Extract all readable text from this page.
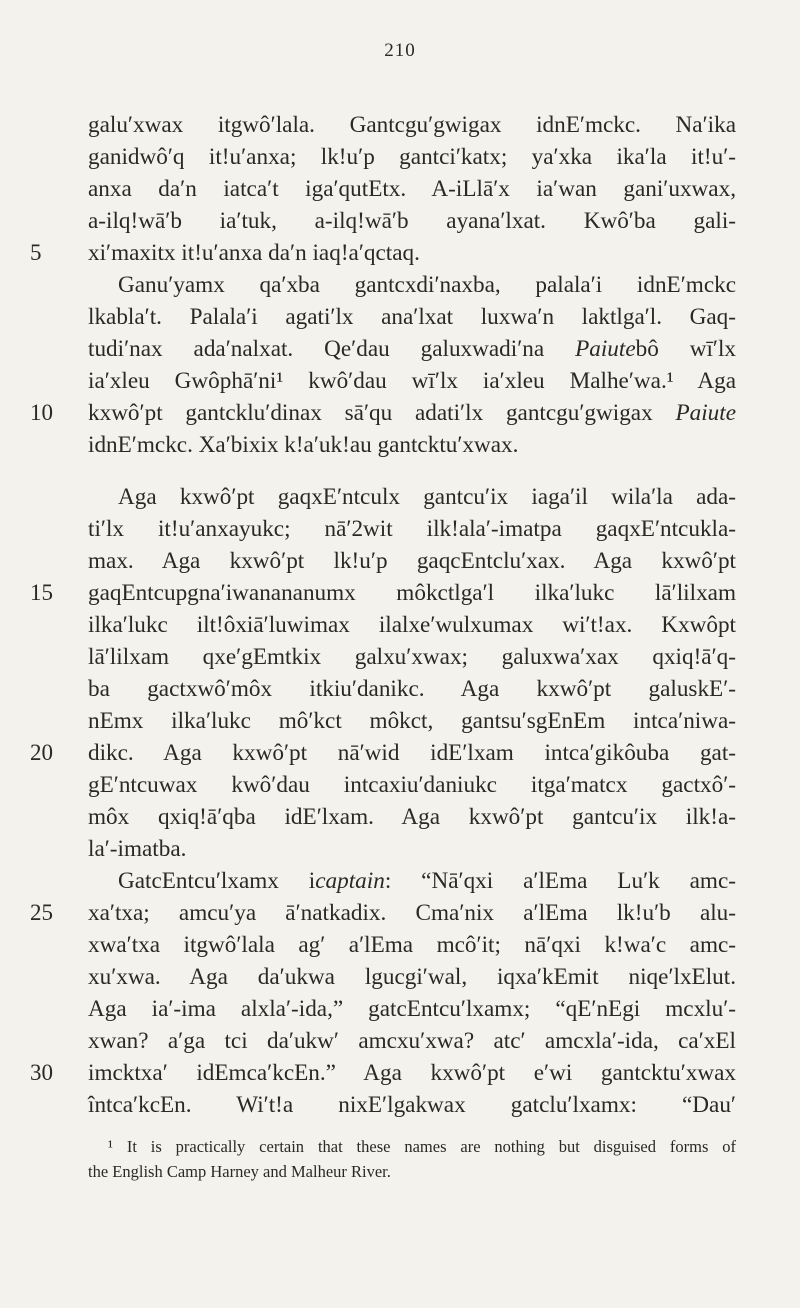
210
galu′xwax itgwô′lala. Gantcgu′gwigax idnE′mckc. Na′ika
ganidwô′q it!u′anxa; lk!u′p gantci′katx; ya′xka ika′la it!u′-
anxa da′n iatca′t iga′qutEtx. A-iLlā′x ia′wan gani′uxwax,
a-ilq!wā′b ia′tuk, a-ilq!wā′b ayana′lxat. Kwô′ba gali-
xi′maxitx it!u′anxa da′n iaq!a′qctaq.
Ganu′yamx qa′xba gantcxdi′naxba, palala′i idnE′mckc
lkabla′t. Palala′i agati′lx ana′lxat luxwa′n laktlga′l. Gaq-
tudi′nax ada′nalxat. Qe′dau galuxwadi′na Paiutebô wī′lx
ia′xleu Gwôphā′ni¹ kwô′dau wī′lx ia′xleu Malhe′wa.¹ Aga
kxwô′pt gantcklu′dinax sā′qu adati′lx gantcgu′gwigax Paiute
idnE′mckc. Xa′bixix k!a′uk!au gantcktu′xwax.
Aga kxwô′pt gaqxE′ntculx gantcu′ix iaga′il wila′la ada-
ti′lx it!u′anxayukc; nā′2wit ilk!ala′-imatpa gaqxE′ntcukla-
max. Aga kxwô′pt lk!u′p gaqcEntclu′xax. Aga kxwô′pt
gaqEntcupgna′iwanananumx môkctlga′l ilka′lukc lā′lilxam
ilka′lukc ilt!ôxiā′luwimax ilalxe′wulxumax wi′t!ax. Kxwôpt
lā′lilxam qxe′gEmtkix galxu′xwax; galuxwa′xax qxiq!ā′q-
ba gactxwô′môx itkiu′danikc. Aga kxwô′pt galuskE′-
nEmx ilka′lukc mô′kct môkct, gantsu′sgEnEm intca′niwa-
dikc. Aga kxwô′pt nā′wid idE′lxam intca′gikôuba gat-
gE′ntcuwax kwô′dau intcaxiu′daniukc itga′matcx gactxô′-
môx qxiq!ā′qba idE′lxam. Aga kxwô′pt gantcu′ix ilk!a-
la′-imatba.
GatcEntcu′lxamx icaptain: “Nā′qxi a′lEma Lu′k amc-
xa′txa; amcu′ya ā′natkadix. Cma′nix a′lEma lk!u′b alu-
xwa′txa itgwô′lala ag′ a′lEma mcô′it; nā′qxi k!wa′c amc-
xu′xwa. Aga da′ukwa lgucgi′wal, iqxa′kEmit niqe′lxElut.
Aga ia′-ima alxla′-ida,” gatcEntcu′lxamx; “qE′nEgi mcxlu′-
xwan? a′ga tci da′ukw′ amcxu′xwa? atc′ amcxla′-ida, ca′xEl
imcktxa′ idEmca′kcEn.” Aga kxwô′pt e′wi gantcktu′xwax
întca′kcEn. Wi′t!a nixE′lgakwax gatclu′lxamx: “Dau′
5
10
15
20
25
30
¹ It is practically certain that these names are nothing but disguised forms of
the English Camp Harney and Malheur River.
